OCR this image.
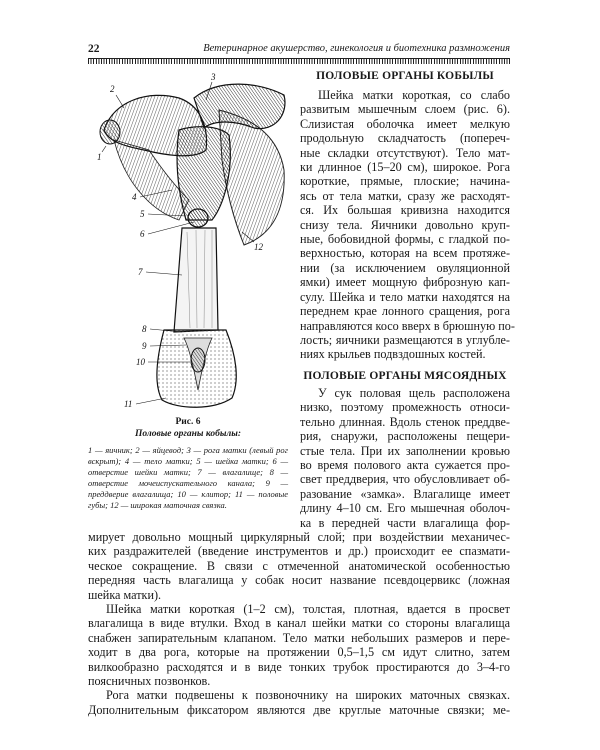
22	Ветеринарное акушерство, гинекология и биотехника размножения
1
2
3
4
5
6
7
8
9
10
11
12
Рис. 6
Половые органы кобылы:
1 — яичник; 2 — яйцевод; 3 — рога матки (левый рог вскрыт); 4 — тело матки; 5 — шейка матки; 6 — отверстие шейки матки; 7 — влагалище; 8 — отверстие мочеиспускательного канала; 9 — преддверие влагалища; 10 — клитор; 11 — половые губы; 12 — широкая маточная связка.
ПОЛОВЫЕ ОРГАНЫ КОБЫЛЫ
Шейка матки короткая, со слабо
развитым мышечным слоем (рис. 6).
Слизистая оболочка имеет мелкую
продольную складчатость (попереч-
ные складки отсутствуют). Тело мат-
ки длинное (15–20 см), широкое. Рога
короткие, прямые, плоские; начина-
ясь от тела матки, сразу же расходят-
ся. Их большая кривизна находится
снизу тела. Яичники довольно круп-
ные, бобовидной формы, с гладкой по-
верхностью, которая на всем протяже-
нии (за исключением овуляционной
ямки) имеет мощную фиброзную кап-
сулу. Шейка и тело матки находятся на
переднем крае лонного сращения, рога
направляются косо вверх в брюшную по-
лость; яичники размещаются в углубле-
ниях крыльев подвздошных костей.
ПОЛОВЫЕ ОРГАНЫ МЯСОЯДНЫХ
У сук половая щель расположена
низко, поэтому промежность относи-
тельно длинная. Вдоль стенок преддве-
рия, снаружи, расположены пещери-
стые тела. При их заполнении кровью
во время полового акта сужается про-
свет преддверия, что обусловливает об-
разование «замка». Влагалище имеет
длину 4–10 см. Его мышечная оболоч-
ка в передней части влагалища фор-
мирует довольно мощный циркулярный слой; при воздействии механичес-
ких раздражителей (введение инструментов и др.) происходит ее спазмати-
ческое сокращение. В связи с отмеченной анатомической особенностью
передняя часть влагалища у собак носит название псевдоцервикс (ложная
шейка матки).
Шейка матки короткая (1–2 см), толстая, плотная, вдается в просвет
влагалища в виде втулки. Вход в канал шейки матки со стороны влагалища
снабжен запирательным клапаном. Тело матки небольших размеров и пере-
ходит в два рога, которые на протяжении 0,5–1,5 см идут слитно, затем
вилкообразно расходятся и в виде тонких трубок простираются до 3–4-го
поясничных позвонков.
Рога матки подвешены к позвоночнику на широких маточных связках.
Дополнительным фиксатором являются две круглые маточные связки; ме-
